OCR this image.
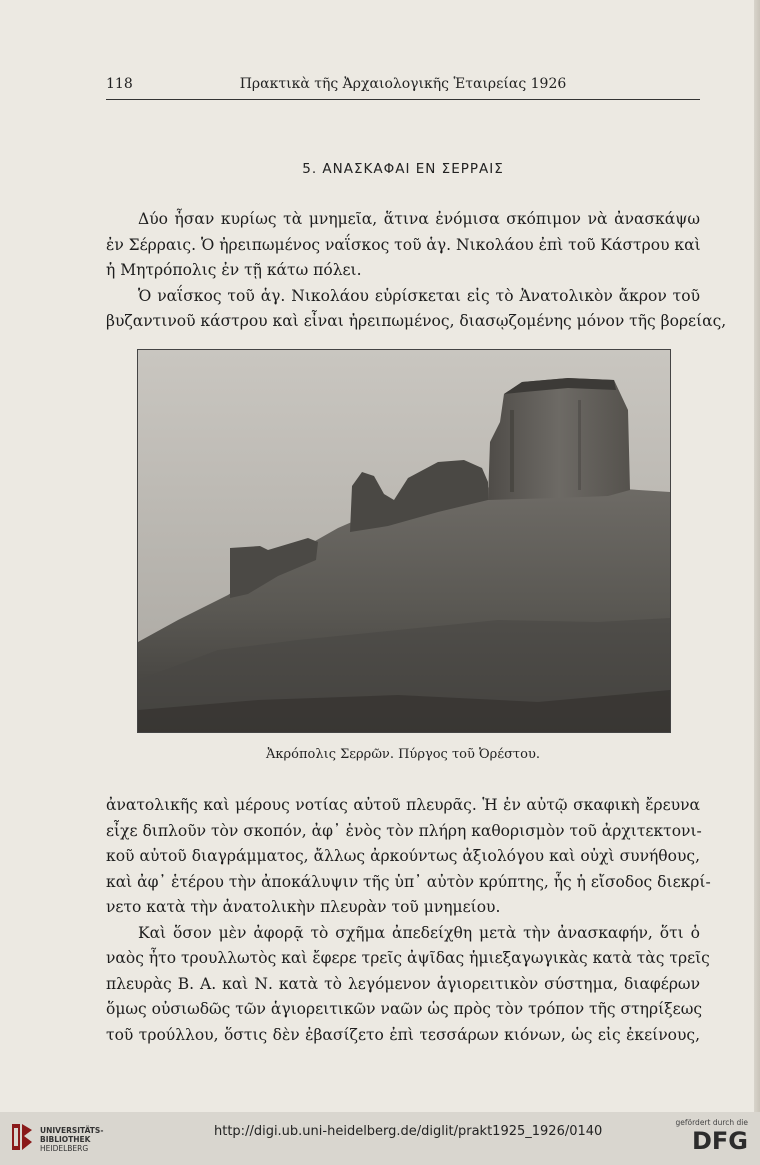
118	Πρακτικὰ τῆς Ἀρχαιολογικῆς Ἑταιρείας 1926
5. ΑΝΑΣΚΑΦΑΙ ΕΝ ΣΕΡΡΑΙΣ
Δύο ἦσαν κυρίως τὰ μνημεῖα, ἅτινα ἐνόμισα σκόπιμον νὰ ἀνασκάψω
ἐν Σέρραις. Ὁ ἠρειπωμένος ναΐσκος τοῦ ἁγ. Νικολάου ἐπὶ τοῦ Κάστρου καὶ
ἡ Μητρόπολις ἐν τῇ κάτω πόλει.
Ὁ ναΐσκος τοῦ ἁγ. Νικολάου εὑρίσκεται εἰς τὸ Ἀνατολικὸν ἄκρον τοῦ
βυζαντινοῦ κάστρου καὶ εἶναι ἠρειπωμένος, διασῳζομένης μόνον τῆς βορείας,
Ἀκρόπολις Σερρῶν. Πύργος τοῦ Ὀρέστου.
ἀνατολικῆς καὶ μέρους νοτίας αὐτοῦ πλευρᾶς. Ἡ ἐν αὐτῷ σκαφικὴ ἔρευνα
εἶχε διπλοῦν τὸν σκοπόν, ἀφ᾽ ἑνὸς τὸν πλήρη καθορισμὸν τοῦ ἀρχιτεκτονι-
κοῦ αὐτοῦ διαγράμματος, ἄλλως ἀρκούντως ἀξιολόγου καὶ οὐχὶ συνήθους,
καὶ ἀφ᾽ ἑτέρου τὴν ἀποκάλυψιν τῆς ὑπ᾽ αὐτὸν κρύπτης, ἧς ἡ εἴσοδος διεκρί-
νετο κατὰ τὴν ἀνατολικὴν πλευρὰν τοῦ μνημείου.
Καὶ ὅσον μὲν ἀφορᾷ τὸ σχῆμα ἀπεδείχθη μετὰ τὴν ἀνασκαφήν, ὅτι ὁ
ναὸς ἦτο τρουλλωτὸς καὶ ἔφερε τρεῖς ἀψῖδας ἡμιεξαγωγικὰς κατὰ τὰς τρεῖς
πλευρὰς Β. Α. καὶ Ν. κατὰ τὸ λεγόμενον ἁγιορειτικὸν σύστημα, διαφέρων
ὅμως οὐσιωδῶς τῶν ἁγιορειτικῶν ναῶν ὡς πρὸς τὸν τρόπον τῆς στηρίξεως
τοῦ τρούλλου, ὅστις δὲν ἐβασίζετο ἐπὶ τεσσάρων κιόνων, ὡς εἰς ἐκείνους,
UNIVERSITÄTS-
BIBLIOTHEK
HEIDELBERG
http://digi.ub.uni-heidelberg.de/diglit/prakt1925_1926/0140
gefördert durch die
DFG
